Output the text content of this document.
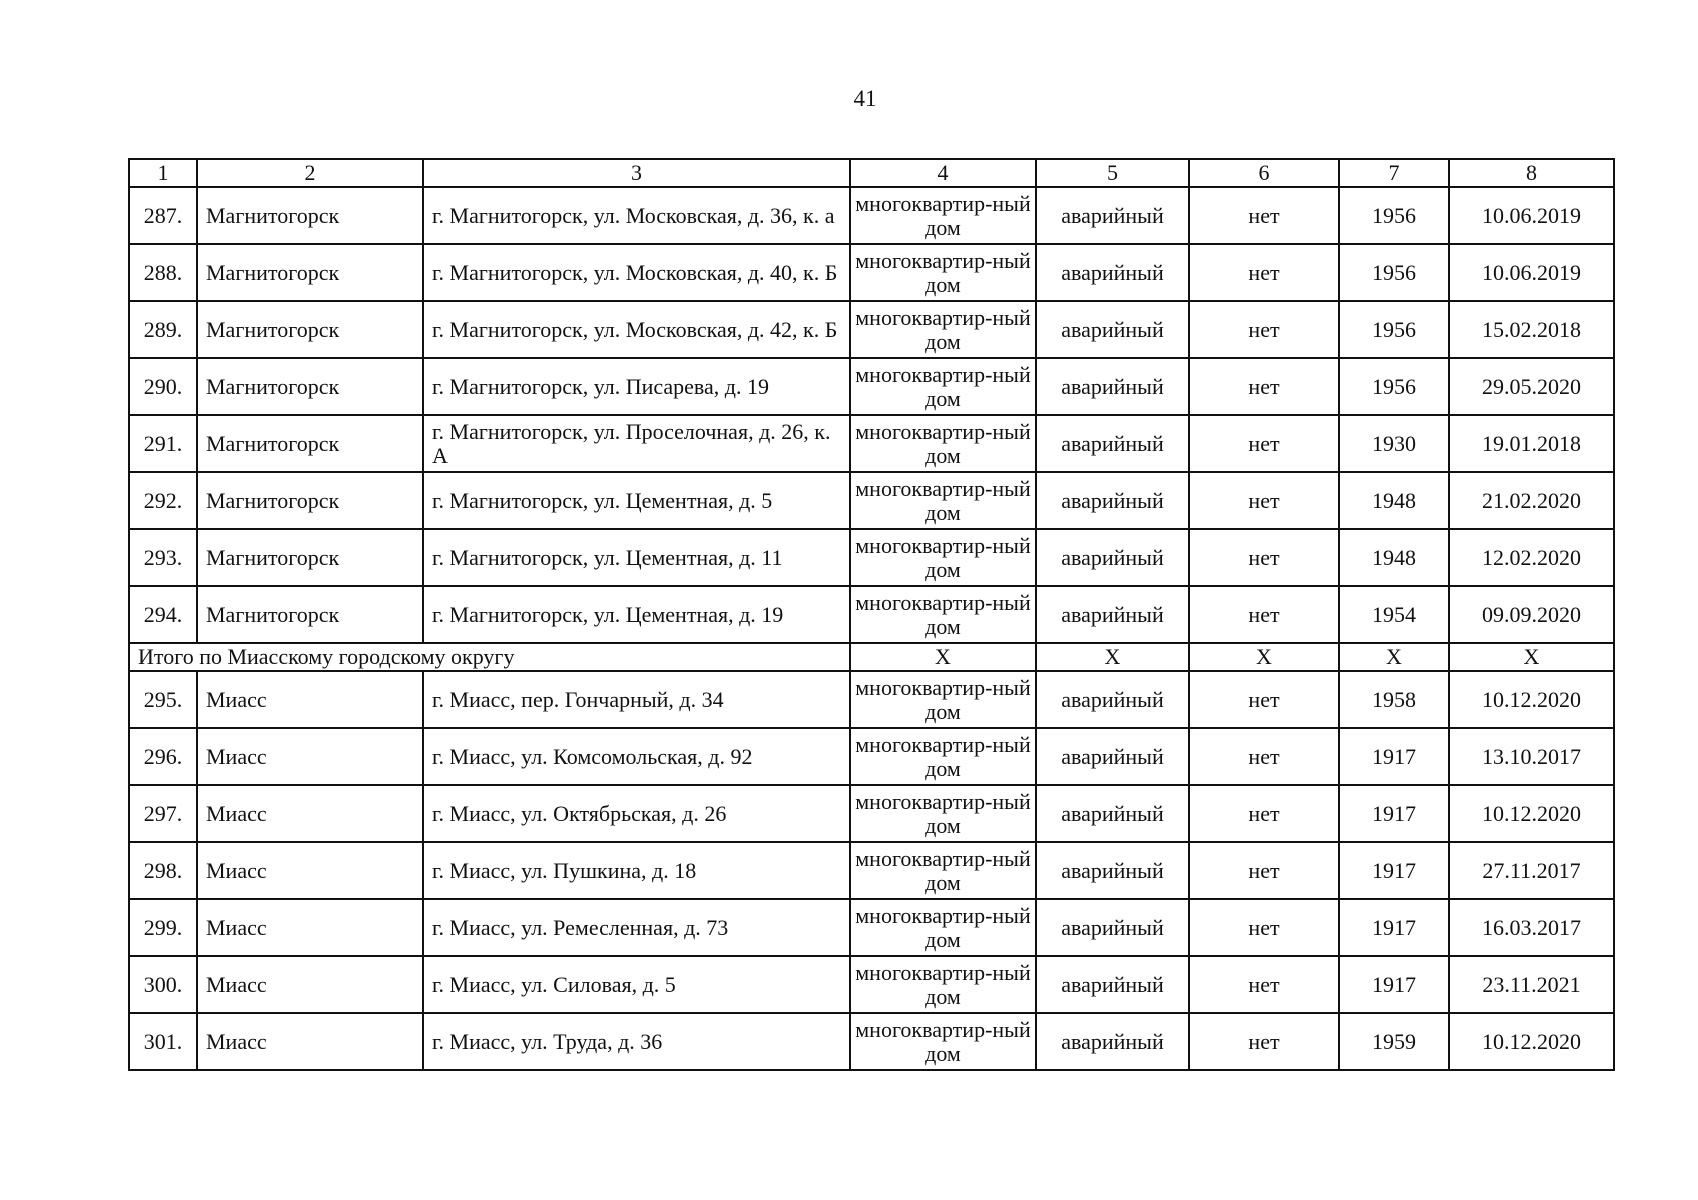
41
1	2	3	4	5	6	7	8
287.	Магнитогорск	г. Магнитогорск, ул. Московская, д. 36, к. а	многоквартир-ный дом	аварийный	нет	1956	10.06.2019
288.	Магнитогорск	г. Магнитогорск, ул. Московская, д. 40, к. Б	многоквартир-ный дом	аварийный	нет	1956	10.06.2019
289.	Магнитогорск	г. Магнитогорск, ул. Московская, д. 42, к. Б	многоквартир-ный дом	аварийный	нет	1956	15.02.2018
290.	Магнитогорск	г. Магнитогорск, ул. Писарева, д. 19	многоквартир-ный дом	аварийный	нет	1956	29.05.2020
291.	Магнитогорск	г. Магнитогорск, ул. Проселочная, д. 26, к. А	многоквартир-ный дом	аварийный	нет	1930	19.01.2018
292.	Магнитогорск	г. Магнитогорск, ул. Цементная, д. 5	многоквартир-ный дом	аварийный	нет	1948	21.02.2020
293.	Магнитогорск	г. Магнитогорск, ул. Цементная, д. 11	многоквартир-ный дом	аварийный	нет	1948	12.02.2020
294.	Магнитогорск	г. Магнитогорск, ул. Цементная, д. 19	многоквартир-ный дом	аварийный	нет	1954	09.09.2020
Итого по Миасскому городскому округу			X	X	X	X	X
295.	Миасс	г. Миасс, пер. Гончарный, д. 34	многоквартир-ный дом	аварийный	нет	1958	10.12.2020
296.	Миасс	г. Миасс, ул. Комсомольская, д. 92	многоквартир-ный дом	аварийный	нет	1917	13.10.2017
297.	Миасс	г. Миасс, ул. Октябрьская, д. 26	многоквартир-ный дом	аварийный	нет	1917	10.12.2020
298.	Миасс	г. Миасс, ул. Пушкина, д. 18	многоквартир-ный дом	аварийный	нет	1917	27.11.2017
299.	Миасс	г. Миасс, ул. Ремесленная, д. 73	многоквартир-ный дом	аварийный	нет	1917	16.03.2017
300.	Миасс	г. Миасс, ул. Силовая, д. 5	многоквартир-ный дом	аварийный	нет	1917	23.11.2021
301.	Миасс	г. Миасс, ул. Труда, д. 36	многоквартир-ный дом	аварийный	нет	1959	10.12.2020
